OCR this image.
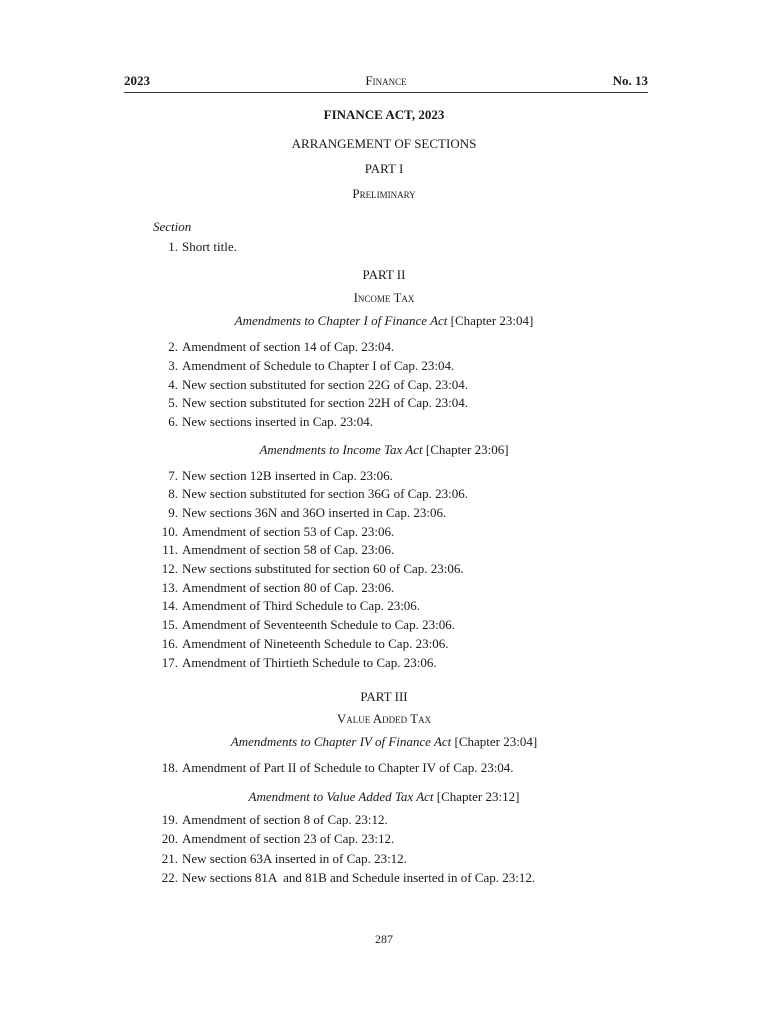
2023	Finance	No. 13
FINANCE ACT, 2023
ARRANGEMENT OF SECTIONS
PART I
Preliminary
Section
1. Short title.
PART II
Income Tax
Amendments to Chapter I of Finance Act [Chapter 23:04]
2. Amendment of section 14 of Cap. 23:04.
3. Amendment of Schedule to Chapter I of Cap. 23:04.
4. New section substituted for section 22G of Cap. 23:04.
5. New section substituted for section 22H of Cap. 23:04.
6. New sections inserted in Cap. 23:04.
Amendments to Income Tax Act [Chapter 23:06]
7. New section 12B inserted in Cap. 23:06.
8. New section substituted for section 36G of Cap. 23:06.
9. New sections 36N and 36O inserted in Cap. 23:06.
10. Amendment of section 53 of Cap. 23:06.
11. Amendment of section 58 of Cap. 23:06.
12. New sections substituted for section 60 of Cap. 23:06.
13. Amendment of section 80 of Cap. 23:06.
14. Amendment of Third Schedule to Cap. 23:06.
15. Amendment of Seventeenth Schedule to Cap. 23:06.
16. Amendment of Nineteenth Schedule to Cap. 23:06.
17. Amendment of Thirtieth Schedule to Cap. 23:06.
PART III
Value Added Tax
Amendments to Chapter IV of Finance Act [Chapter 23:04]
18. Amendment of Part II of Schedule to Chapter IV of Cap. 23:04.
Amendment to Value Added Tax Act [Chapter 23:12]
19. Amendment of section 8 of Cap. 23:12.
20. Amendment of section 23 of Cap. 23:12.
21. New section 63A inserted in of Cap. 23:12.
22. New sections 81A  and 81B and Schedule inserted in of Cap. 23:12.
287
